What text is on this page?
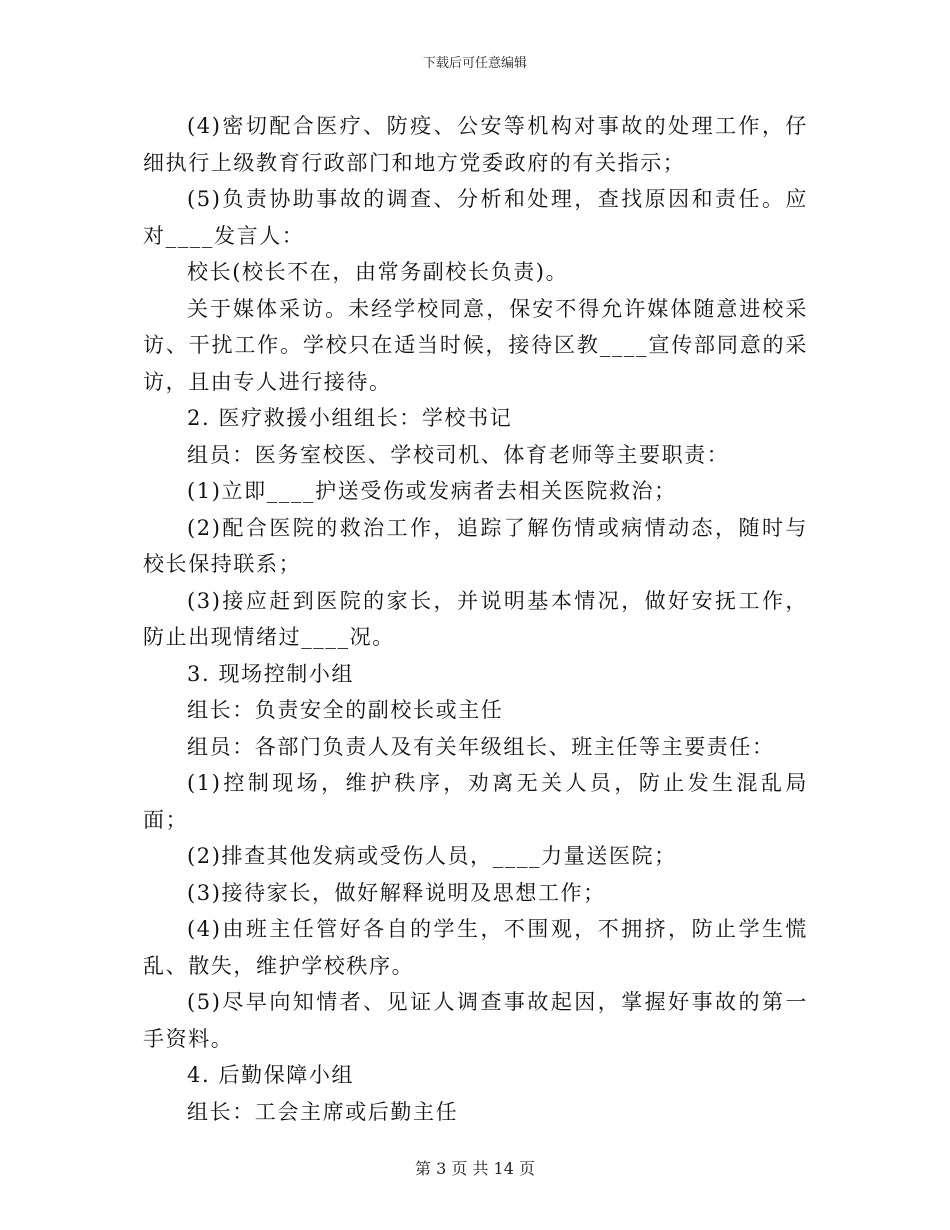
下载后可任意编辑

(4)密切配合医疗、防疫、公安等机构对事故的处理工作，仔细执行上级教育行政部门和地方党委政府的有关指示；

(5)负责协助事故的调查、分析和处理，查找原因和责任。应对____发言人：

校长(校长不在，由常务副校长负责)。

关于媒体采访。未经学校同意，保安不得允许媒体随意进校采访、干扰工作。学校只在适当时候，接待区教____宣传部同意的采访，且由专人进行接待。

2. 医疗救援小组组长：学校书记

组员：医务室校医、学校司机、体育老师等主要职责：

(1)立即____护送受伤或发病者去相关医院救治；

(2)配合医院的救治工作，追踪了解伤情或病情动态，随时与校长保持联系；

(3)接应赶到医院的家长，并说明基本情况，做好安抚工作，防止出现情绪过____况。

3. 现场控制小组

组长：负责安全的副校长或主任

组员：各部门负责人及有关年级组长、班主任等主要责任：

(1)控制现场，维护秩序，劝离无关人员，防止发生混乱局面；

(2)排查其他发病或受伤人员，____力量送医院；

(3)接待家长，做好解释说明及思想工作；

(4)由班主任管好各自的学生，不围观，不拥挤，防止学生慌乱、散失，维护学校秩序。

(5)尽早向知情者、见证人调查事故起因，掌握好事故的第一手资料。

4. 后勤保障小组

组长：工会主席或后勤主任

第 3 页 共 14 页
